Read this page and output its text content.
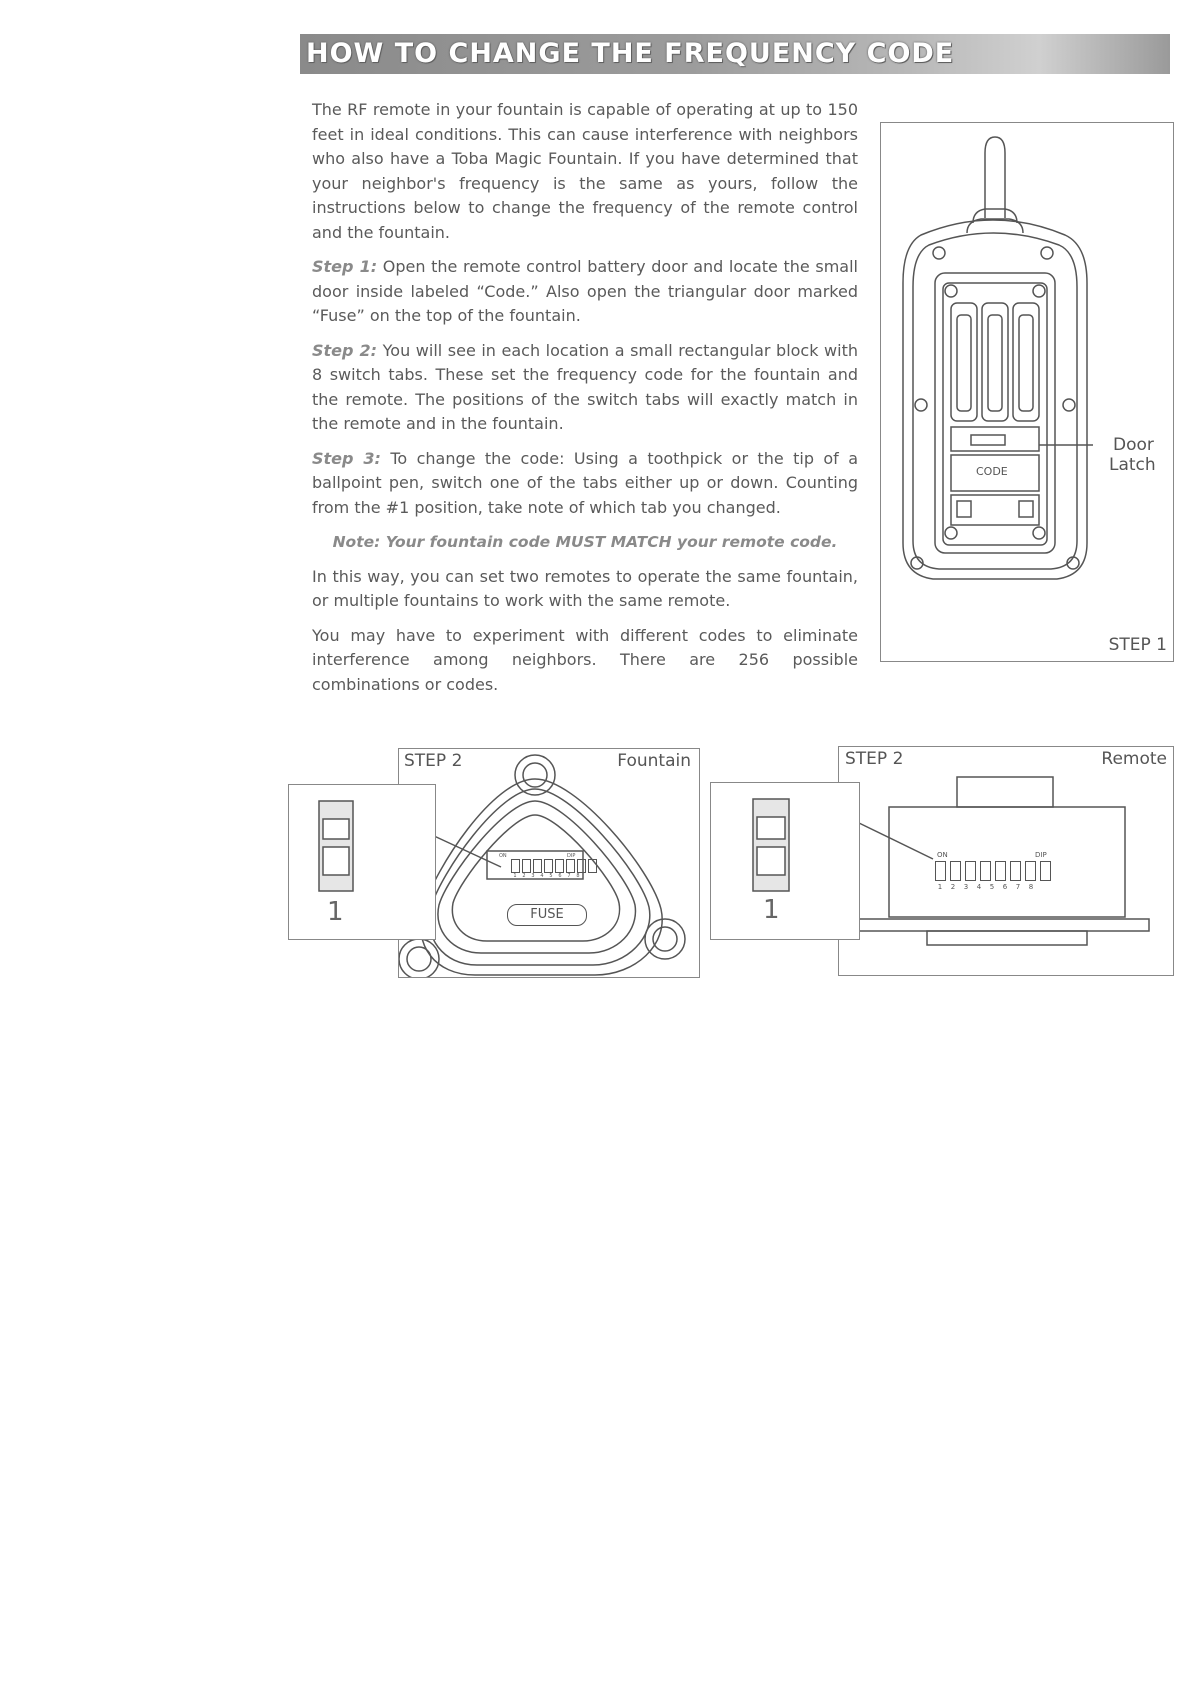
HOW TO CHANGE THE FREQUENCY CODE

The RF remote in your fountain is capable of operating at up to 150 feet in ideal conditions. This can cause interference with neighbors who also have a Toba Magic Fountain. If you have determined that your neighbor's frequency is the same as yours, follow the instructions below to change the frequency of the remote control and the fountain.

Step 1: Open the remote control battery door and locate the small door inside labeled “Code.” Also open the triangular door marked “Fuse” on the top of the fountain.

Step 2: You will see in each location a small rectangular block with 8 switch tabs. These set the frequency code for the fountain and the remote. The positions of the switch tabs will exactly match in the remote and in the fountain.

Step 3: To change the code: Using a toothpick or the tip of a ballpoint pen, switch one of the tabs either up or down. Counting from the #1 position, take note of which tab you changed.

Note: Your fountain code MUST MATCH your remote code.

In this way, you can set two remotes to operate the same fountain, or multiple fountains to work with the same remote.

You may have to experiment with different codes to eliminate interference among neighbors. There are 256 possible combinations or codes.

CODE
Door
Latch
STEP 1
STEP 2	Fountain
ON	DIP
1	2	3	4	5	6	7	8
FUSE
1
STEP 2	Remote
ON	DIP
1	2	3	4	5	6	7	8
1
